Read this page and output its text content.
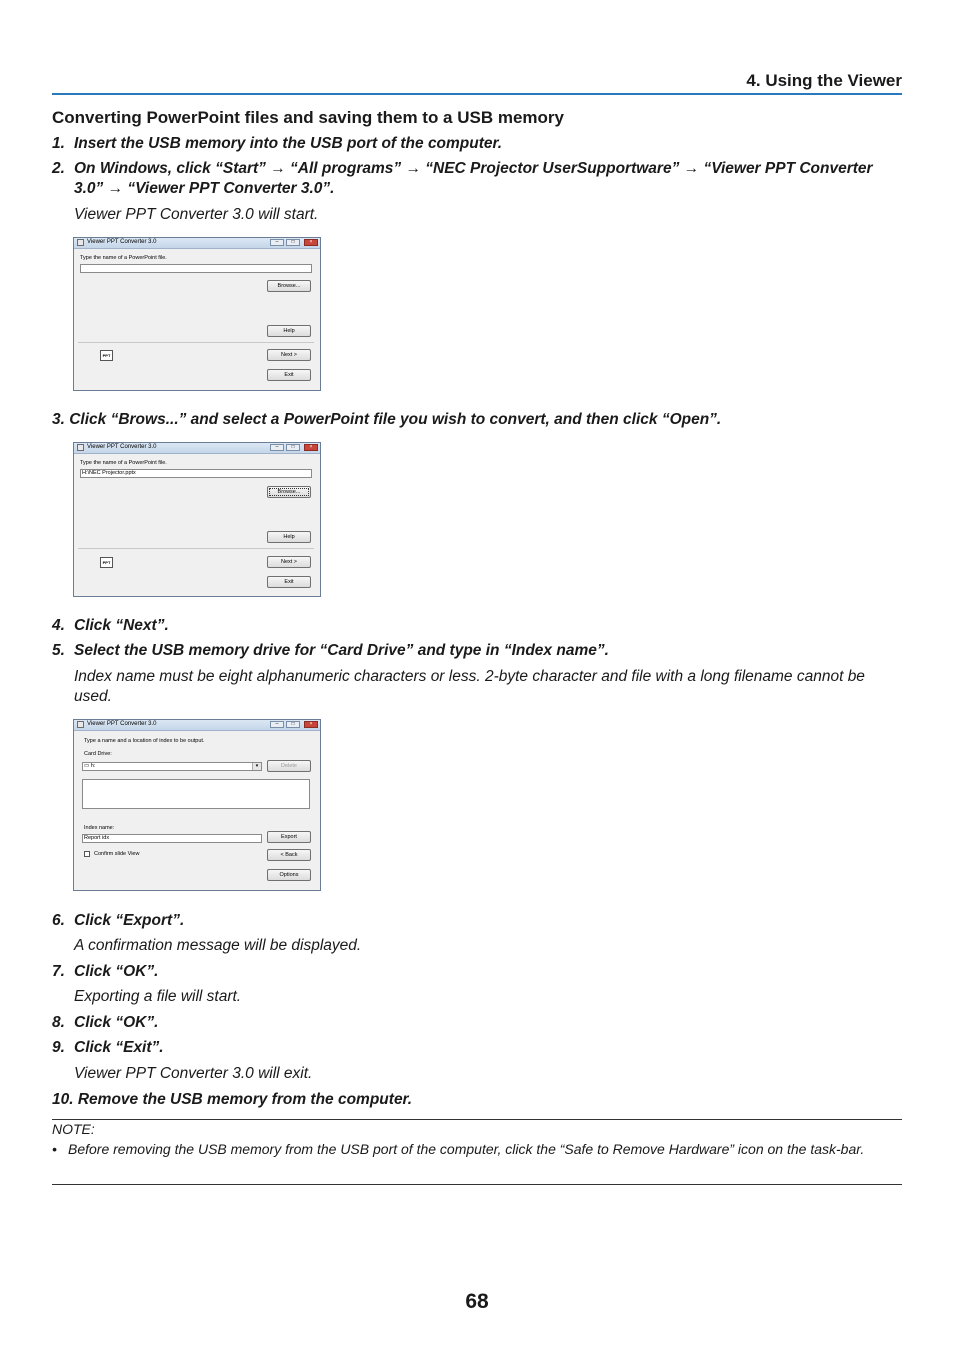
4. Using the Viewer
Converting PowerPoint files and saving them to a USB memory
1. Insert the USB memory into the USB port of the computer.
2. On Windows, click “Start” → “All programs” → “NEC Projector UserSupportware” → “Viewer PPT Converter 3.0” → “Viewer PPT Converter 3.0”.
Viewer PPT Converter 3.0 will start.
Viewer PPT Converter 3.0	–	□	×
Type the name of a PowerPoint file.
Browse...
Help
PPT	Next >
Exit
3. Click “Brows...” and select a PowerPoint file you wish to convert, and then click “Open”.
Viewer PPT Converter 3.0	–	□	×
Type the name of a PowerPoint file.
H:\NEC Projector.pptx
Browse...
Help
PPT	Next >
Exit
4. Click “Next”.
5. Select the USB memory drive for “Card Drive” and type in “Index name”.
Index name must be eight alphanumeric characters or less. 2-byte character and file with a long filename cannot be used.
Viewer PPT Converter 3.0	–	□	×
Type a name and a location of index to be output.
Card Drive:
▭ h:	▾	Delete
Index name:
Report idx	Export
Confirm slide View	< Back
Options
6. Click “Export”.
A confirmation message will be displayed.
7. Click “OK”.
Exporting a file will start.
8. Click “OK”.
9. Click “Exit”.
Viewer PPT Converter 3.0 will exit.
10. Remove the USB memory from the computer.
NOTE:
• Before removing the USB memory from the USB port of the computer, click the “Safe to Remove Hardware” icon on the task-bar.
68
